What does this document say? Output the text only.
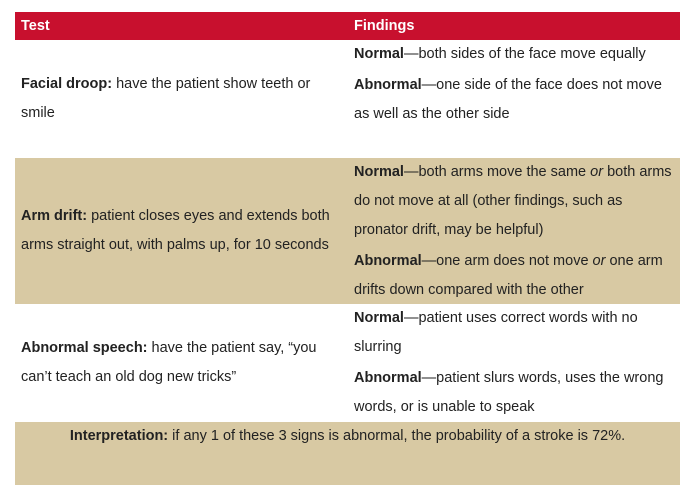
Test	Findings
Facial droop: have the patient show teeth or smile

Normal—both sides of the face move equally

Abnormal—one side of the face does not move as well as the other side

Arm drift: patient closes eyes and extends both arms straight out, with palms up, for 10 seconds

Normal—both arms move the same or both arms do not move at all (other findings, such as pronator drift, may be helpful)

Abnormal—one arm does not move or one arm drifts down compared with the other

Abnormal speech: have the patient say, “you can’t teach an old dog new tricks”

Normal—patient uses correct words with no slurring

Abnormal—patient slurs words, uses the wrong words, or is unable to speak

Interpretation: if any 1 of these 3 signs is abnormal, the probability of a stroke is 72%.
